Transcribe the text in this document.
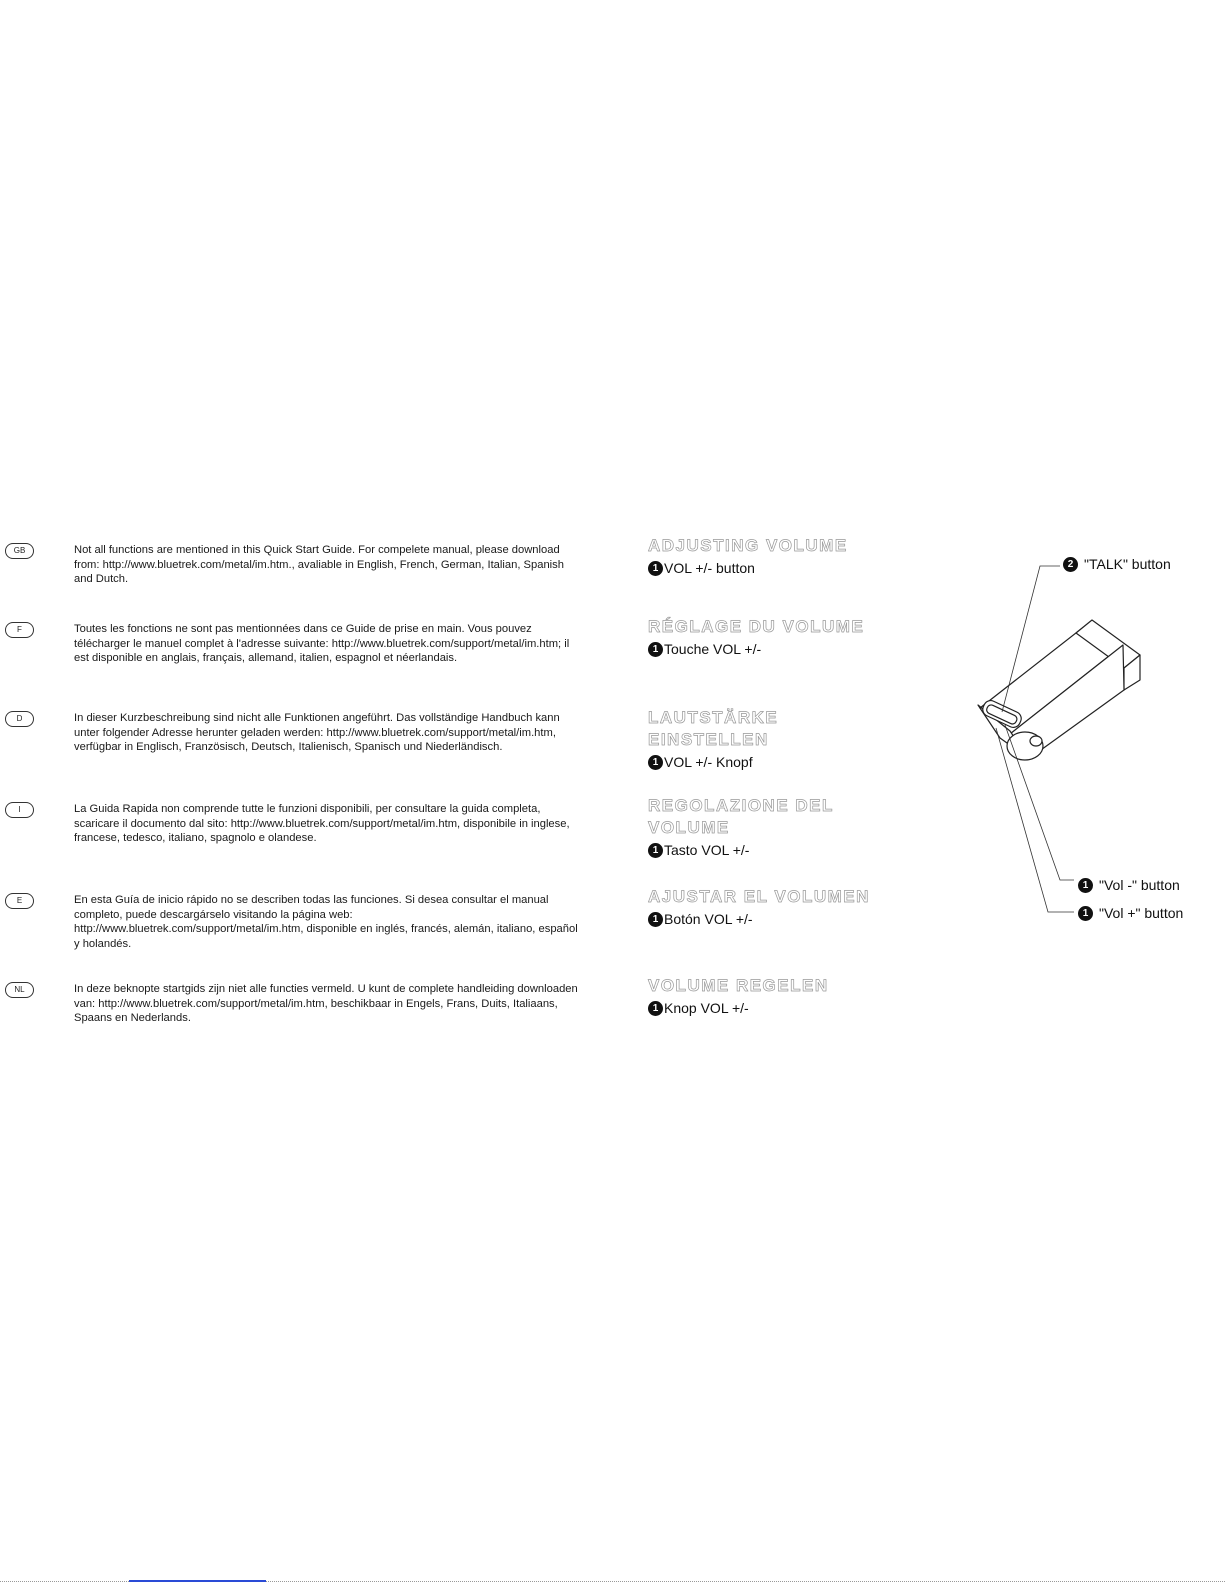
GB	Not all functions are mentioned in this Quick Start Guide. For compelete manual, please download from: http://www.bluetrek.com/metal/im.htm., avaliable in English, French, German, Italian, Spanish and Dutch.
F	Toutes les fonctions ne sont pas mentionnées dans ce Guide de prise en main. Vous pouvez télécharger le manuel complet à l'adresse suivante: http://www.bluetrek.com/support/metal/im.htm; il est disponible en anglais, français, allemand, italien, espagnol et néerlandais.
D	In dieser Kurzbeschreibung sind nicht alle Funktionen angeführt. Das vollständige Handbuch kann unter folgender Adresse herunter geladen werden: http://www.bluetrek.com/support/metal/im.htm, verfügbar in Englisch, Französisch, Deutsch, Italienisch, Spanisch und Niederländisch.
I	La Guida Rapida non comprende tutte le funzioni disponibili, per consultare la guida completa, scaricare il documento dal sito: http://www.bluetrek.com/support/metal/im.htm, disponibile in inglese, francese, tedesco, italiano, spagnolo e olandese.
E	En esta Guía de inicio rápido no se describen todas las funciones. Si desea consultar el manual completo, puede descargárselo visitando la página web: http://www.bluetrek.com/support/metal/im.htm, disponible en inglés, francés, alemán, italiano, español y holandés.
NL	In deze beknopte startgids zijn niet alle functies vermeld. U kunt de complete handleiding downloaden van: http://www.bluetrek.com/support/metal/im.htm, beschikbaar in Engels, Frans, Duits, Italiaans, Spaans en Nederlands.
ADJUSTING VOLUME
1 VOL +/- button
RÉGLAGE DU VOLUME
1 Touche VOL +/-
LAUTSTÄRKE
EINSTELLEN
1 VOL +/- Knopf
REGOLAZIONE DEL
VOLUME
1 Tasto VOL +/-
AJUSTAR EL VOLUMEN
1 Botón VOL +/-
VOLUME REGELEN
1 Knop VOL +/-
2 "TALK" button
1 "Vol -" button
1 "Vol +" button
